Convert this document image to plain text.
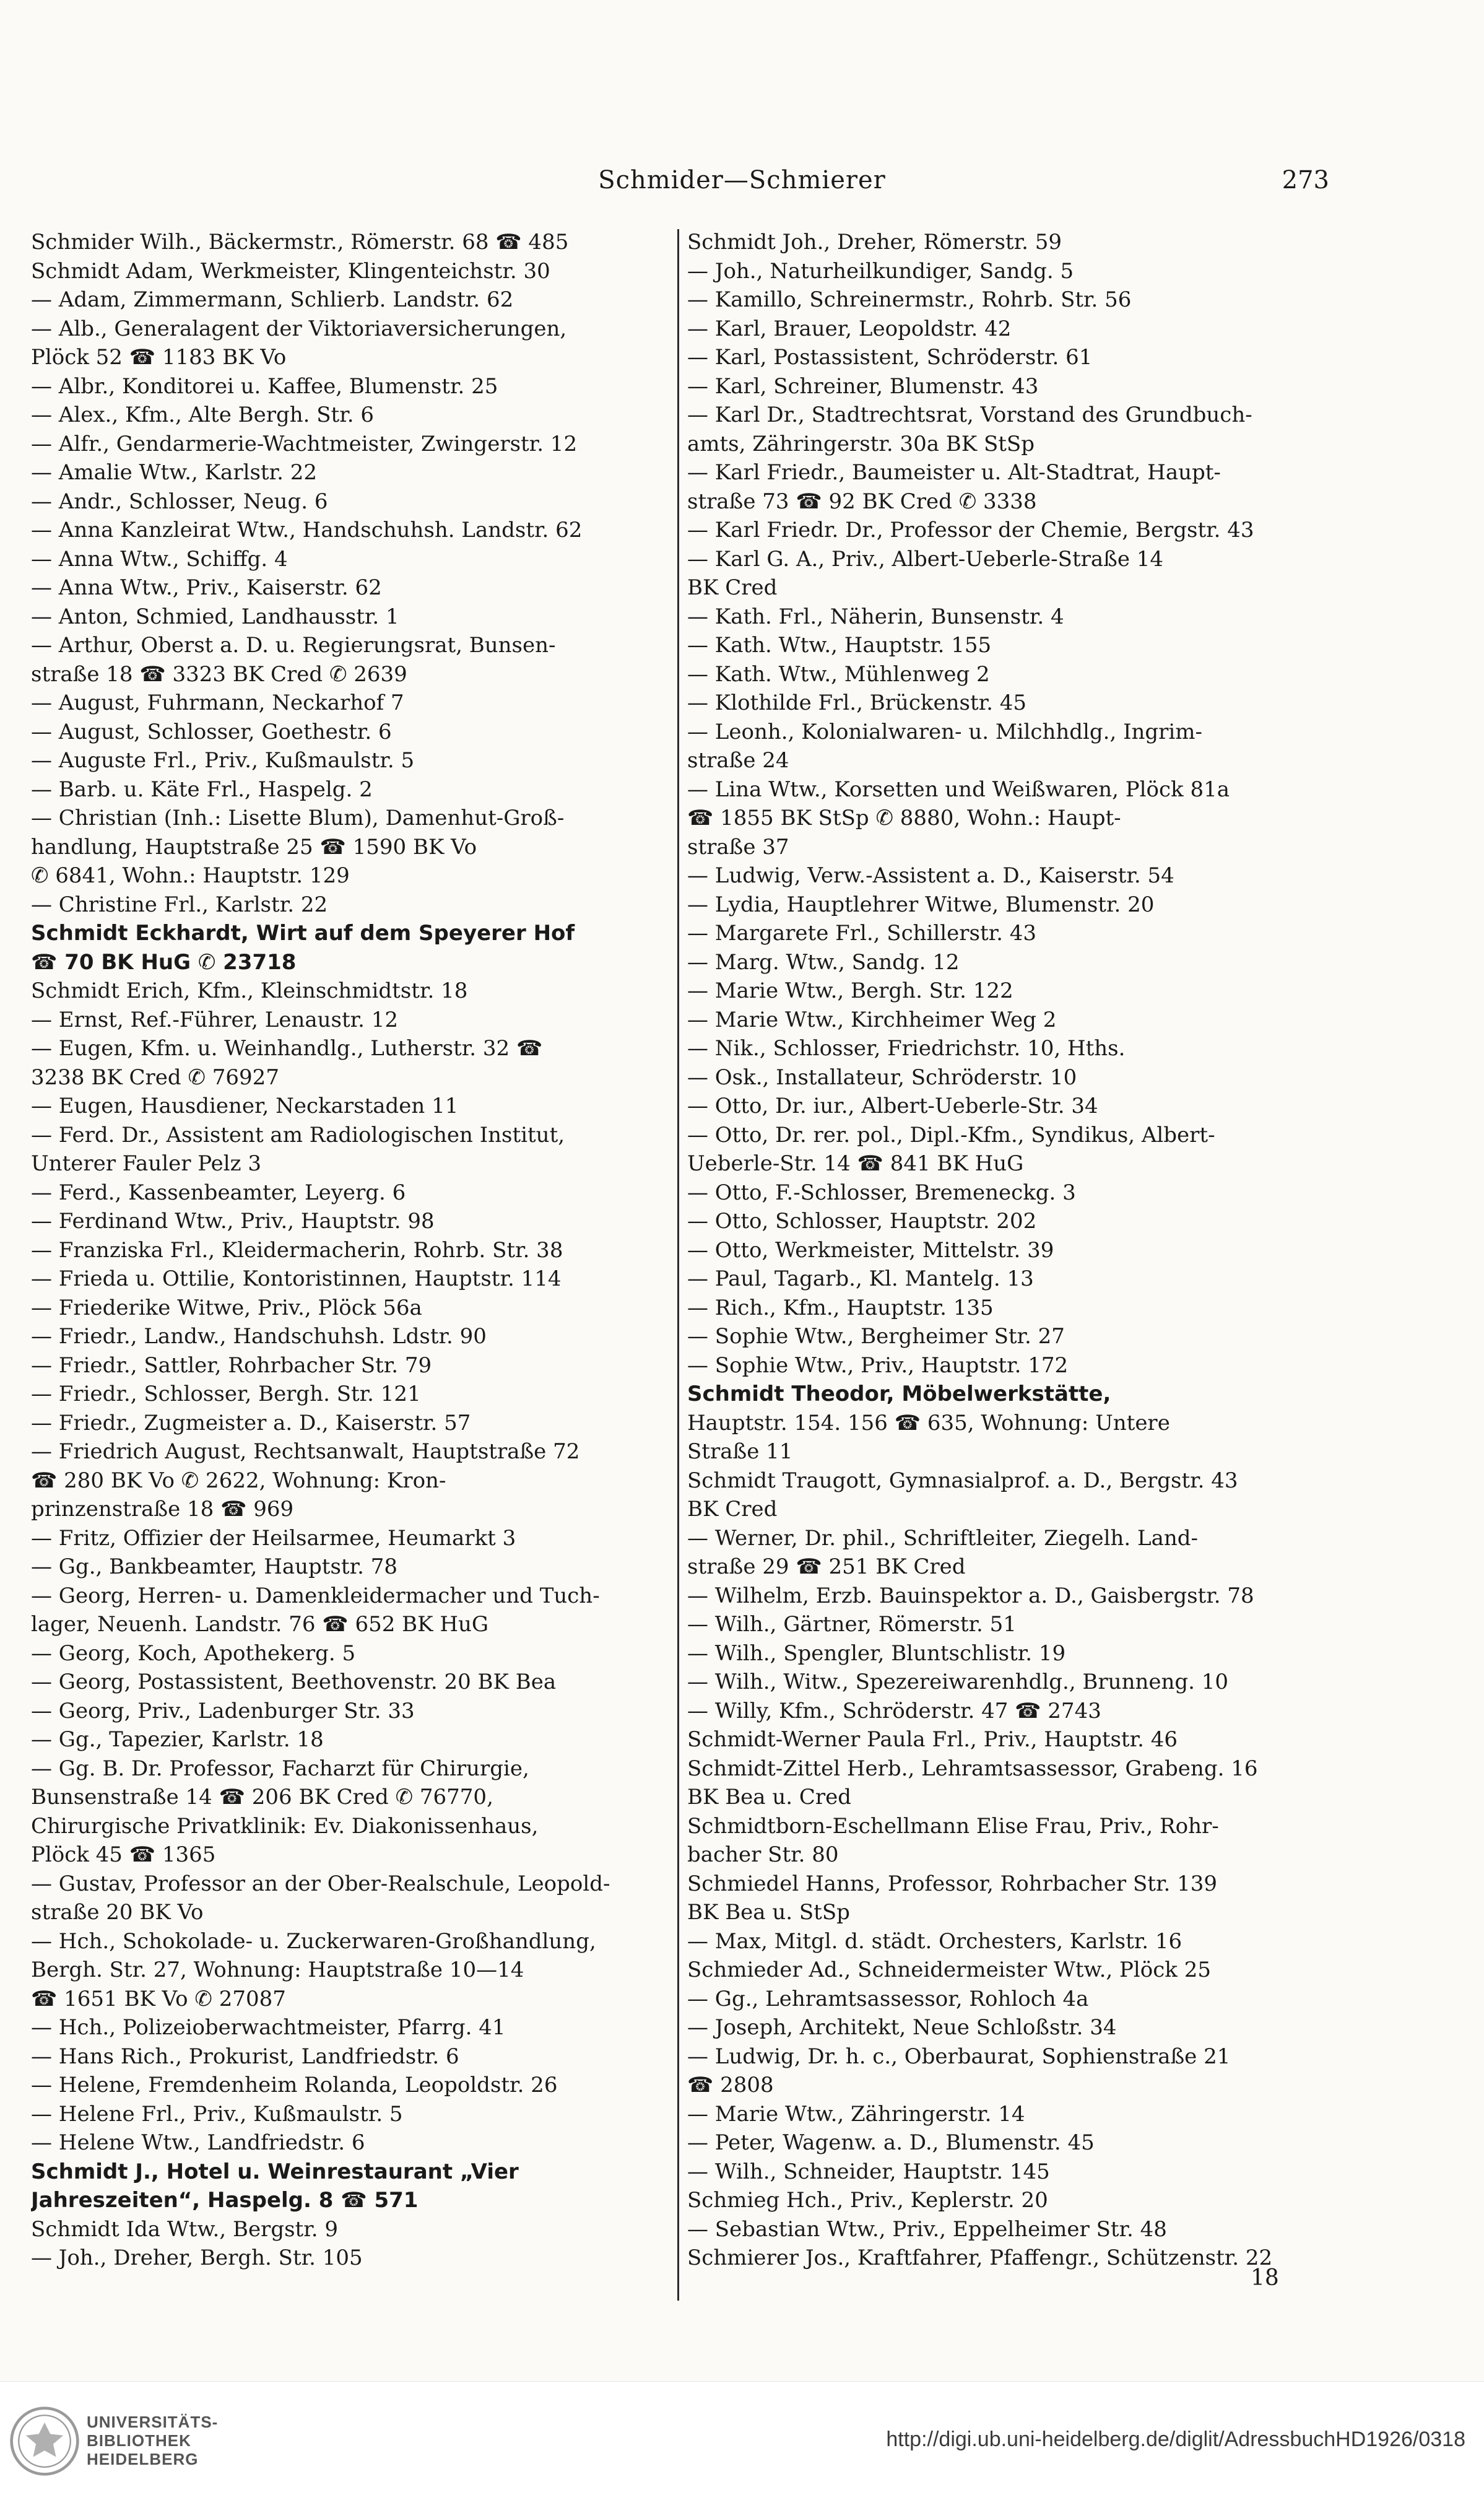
Schmider—Schmierer	273
Schmider Wilh., Bäckermstr., Römerstr. 68 ☎ 485
Schmidt Adam, Werkmeister, Klingenteichstr. 30
— Adam, Zimmermann, Schlierb. Landstr. 62
— Alb., Generalagent der Viktoriaversicherungen,
Plöck 52 ☎ 1183 BK Vo
— Albr., Konditorei u. Kaffee, Blumenstr. 25
— Alex., Kfm., Alte Bergh. Str. 6
— Alfr., Gendarmerie-Wachtmeister, Zwingerstr. 12
— Amalie Wtw., Karlstr. 22
— Andr., Schlosser, Neug. 6
— Anna Kanzleirat Wtw., Handschuhsh. Landstr. 62
— Anna Wtw., Schiffg. 4
— Anna Wtw., Priv., Kaiserstr. 62
— Anton, Schmied, Landhausstr. 1
— Arthur, Oberst a. D. u. Regierungsrat, Bunsen-
straße 18 ☎ 3323 BK Cred ✆ 2639
— August, Fuhrmann, Neckarhof 7
— August, Schlosser, Goethestr. 6
— Auguste Frl., Priv., Kußmaulstr. 5
— Barb. u. Käte Frl., Haspelg. 2
— Christian (Inh.: Lisette Blum), Damenhut-Groß-
handlung, Hauptstraße 25 ☎ 1590 BK Vo
✆ 6841, Wohn.: Hauptstr. 129
— Christine Frl., Karlstr. 22
Schmidt Eckhardt, Wirt auf dem Speyerer Hof
☎ 70 BK HuG ✆ 23718
Schmidt Erich, Kfm., Kleinschmidtstr. 18
— Ernst, Ref.-Führer, Lenaustr. 12
— Eugen, Kfm. u. Weinhandlg., Lutherstr. 32 ☎
3238 BK Cred ✆ 76927
— Eugen, Hausdiener, Neckarstaden 11
— Ferd. Dr., Assistent am Radiologischen Institut,
Unterer Fauler Pelz 3
— Ferd., Kassenbeamter, Leyerg. 6
— Ferdinand Wtw., Priv., Hauptstr. 98
— Franziska Frl., Kleidermacherin, Rohrb. Str. 38
— Frieda u. Ottilie, Kontoristinnen, Hauptstr. 114
— Friederike Witwe, Priv., Plöck 56a
— Friedr., Landw., Handschuhsh. Ldstr. 90
— Friedr., Sattler, Rohrbacher Str. 79
— Friedr., Schlosser, Bergh. Str. 121
— Friedr., Zugmeister a. D., Kaiserstr. 57
— Friedrich August, Rechtsanwalt, Hauptstraße 72
☎ 280 BK Vo ✆ 2622, Wohnung: Kron-
prinzenstraße 18 ☎ 969
— Fritz, Offizier der Heilsarmee, Heumarkt 3
— Gg., Bankbeamter, Hauptstr. 78
— Georg, Herren- u. Damenkleidermacher und Tuch-
lager, Neuenh. Landstr. 76 ☎ 652 BK HuG
— Georg, Koch, Apothekerg. 5
— Georg, Postassistent, Beethovenstr. 20 BK Bea
— Georg, Priv., Ladenburger Str. 33
— Gg., Tapezier, Karlstr. 18
— Gg. B. Dr. Professor, Facharzt für Chirurgie,
Bunsenstraße 14 ☎ 206 BK Cred ✆ 76770,
Chirurgische Privatklinik: Ev. Diakonissenhaus,
Plöck 45 ☎ 1365
— Gustav, Professor an der Ober-Realschule, Leopold-
straße 20 BK Vo
— Hch., Schokolade- u. Zuckerwaren-Großhandlung,
Bergh. Str. 27, Wohnung: Hauptstraße 10—14
☎ 1651 BK Vo ✆ 27087
— Hch., Polizeioberwachtmeister, Pfarrg. 41
— Hans Rich., Prokurist, Landfriedstr. 6
— Helene, Fremdenheim Rolanda, Leopoldstr. 26
— Helene Frl., Priv., Kußmaulstr. 5
— Helene Wtw., Landfriedstr. 6
Schmidt J., Hotel u. Weinrestaurant „Vier
Jahreszeiten“, Haspelg. 8 ☎ 571
Schmidt Ida Wtw., Bergstr. 9
— Joh., Dreher, Bergh. Str. 105
Schmidt Joh., Dreher, Römerstr. 59
— Joh., Naturheilkundiger, Sandg. 5
— Kamillo, Schreinermstr., Rohrb. Str. 56
— Karl, Brauer, Leopoldstr. 42
— Karl, Postassistent, Schröderstr. 61
— Karl, Schreiner, Blumenstr. 43
— Karl Dr., Stadtrechtsrat, Vorstand des Grundbuch-
amts, Zähringerstr. 30a BK StSp
— Karl Friedr., Baumeister u. Alt-Stadtrat, Haupt-
straße 73 ☎ 92 BK Cred ✆ 3338
— Karl Friedr. Dr., Professor der Chemie, Bergstr. 43
— Karl G. A., Priv., Albert-Ueberle-Straße 14
BK Cred
— Kath. Frl., Näherin, Bunsenstr. 4
— Kath. Wtw., Hauptstr. 155
— Kath. Wtw., Mühlenweg 2
— Klothilde Frl., Brückenstr. 45
— Leonh., Kolonialwaren- u. Milchhdlg., Ingrim-
straße 24
— Lina Wtw., Korsetten und Weißwaren, Plöck 81a
☎ 1855 BK StSp ✆ 8880, Wohn.: Haupt-
straße 37
— Ludwig, Verw.-Assistent a. D., Kaiserstr. 54
— Lydia, Hauptlehrer Witwe, Blumenstr. 20
— Margarete Frl., Schillerstr. 43
— Marg. Wtw., Sandg. 12
— Marie Wtw., Bergh. Str. 122
— Marie Wtw., Kirchheimer Weg 2
— Nik., Schlosser, Friedrichstr. 10, Hths.
— Osk., Installateur, Schröderstr. 10
— Otto, Dr. iur., Albert-Ueberle-Str. 34
— Otto, Dr. rer. pol., Dipl.-Kfm., Syndikus, Albert-
Ueberle-Str. 14 ☎ 841 BK HuG
— Otto, F.-Schlosser, Bremeneckg. 3
— Otto, Schlosser, Hauptstr. 202
— Otto, Werkmeister, Mittelstr. 39
— Paul, Tagarb., Kl. Mantelg. 13
— Rich., Kfm., Hauptstr. 135
— Sophie Wtw., Bergheimer Str. 27
— Sophie Wtw., Priv., Hauptstr. 172
Schmidt Theodor, Möbelwerkstätte,
Hauptstr. 154. 156 ☎ 635, Wohnung: Untere
Straße 11
Schmidt Traugott, Gymnasialprof. a. D., Bergstr. 43
BK Cred
— Werner, Dr. phil., Schriftleiter, Ziegelh. Land-
straße 29 ☎ 251 BK Cred
— Wilhelm, Erzb. Bauinspektor a. D., Gaisbergstr. 78
— Wilh., Gärtner, Römerstr. 51
— Wilh., Spengler, Bluntschlistr. 19
— Wilh., Witw., Spezereiwarenhdlg., Brunneng. 10
— Willy, Kfm., Schröderstr. 47 ☎ 2743
Schmidt-Werner Paula Frl., Priv., Hauptstr. 46
Schmidt-Zittel Herb., Lehramtsassessor, Grabeng. 16
BK Bea u. Cred
Schmidtborn-Eschellmann Elise Frau, Priv., Rohr-
bacher Str. 80
Schmiedel Hanns, Professor, Rohrbacher Str. 139
BK Bea u. StSp
— Max, Mitgl. d. städt. Orchesters, Karlstr. 16
Schmieder Ad., Schneidermeister Wtw., Plöck 25
— Gg., Lehramtsassessor, Rohloch 4a
— Joseph, Architekt, Neue Schloßstr. 34
— Ludwig, Dr. h. c., Oberbaurat, Sophienstraße 21
☎ 2808
— Marie Wtw., Zähringerstr. 14
— Peter, Wagenw. a. D., Blumenstr. 45
— Wilh., Schneider, Hauptstr. 145
Schmieg Hch., Priv., Keplerstr. 20
— Sebastian Wtw., Priv., Eppelheimer Str. 48
Schmierer Jos., Kraftfahrer, Pfaffengr., Schützenstr. 22
18
UNIVERSITÄTS-
BIBLIOTHEK
HEIDELBERG
http://digi.ub.uni-heidelberg.de/diglit/AdressbuchHD1926/0318
